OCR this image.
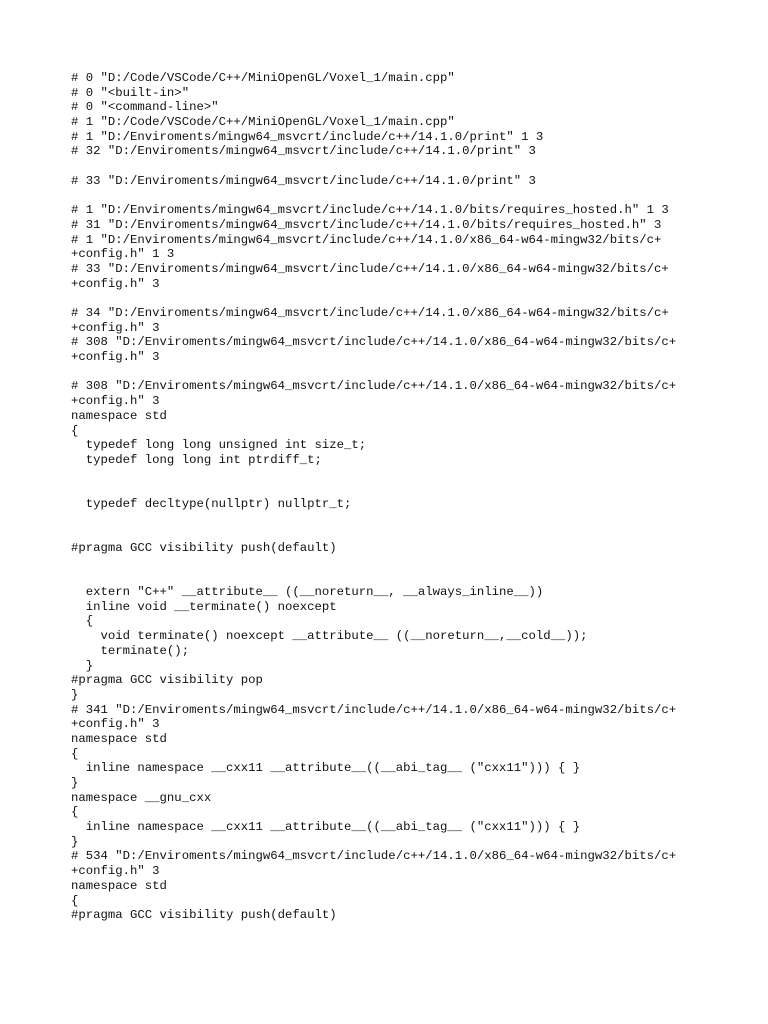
# 0 "D:/Code/VSCode/C++/MiniOpenGL/Voxel_1/main.cpp"
# 0 "<built-in>"
# 0 "<command-line>"
# 1 "D:/Code/VSCode/C++/MiniOpenGL/Voxel_1/main.cpp"
# 1 "D:/Enviroments/mingw64_msvcrt/include/c++/14.1.0/print" 1 3
# 32 "D:/Enviroments/mingw64_msvcrt/include/c++/14.1.0/print" 3
# 33 "D:/Enviroments/mingw64_msvcrt/include/c++/14.1.0/print" 3
# 1 "D:/Enviroments/mingw64_msvcrt/include/c++/14.1.0/bits/requires_hosted.h" 1 3
# 31 "D:/Enviroments/mingw64_msvcrt/include/c++/14.1.0/bits/requires_hosted.h" 3
# 1 "D:/Enviroments/mingw64_msvcrt/include/c++/14.1.0/x86_64-w64-mingw32/bits/c+
+config.h" 1 3
# 33 "D:/Enviroments/mingw64_msvcrt/include/c++/14.1.0/x86_64-w64-mingw32/bits/c+
+config.h" 3
# 34 "D:/Enviroments/mingw64_msvcrt/include/c++/14.1.0/x86_64-w64-mingw32/bits/c+
+config.h" 3
# 308 "D:/Enviroments/mingw64_msvcrt/include/c++/14.1.0/x86_64-w64-mingw32/bits/c+
+config.h" 3
# 308 "D:/Enviroments/mingw64_msvcrt/include/c++/14.1.0/x86_64-w64-mingw32/bits/c+
+config.h" 3
namespace std
{
typedef long long unsigned int size_t;
typedef long long int ptrdiff_t;
typedef decltype(nullptr) nullptr_t;
#pragma GCC visibility push(default)
extern "C++" __attribute__ ((__noreturn__, __always_inline__))
inline void __terminate() noexcept
{
void terminate() noexcept __attribute__ ((__noreturn__,__cold__));
terminate();
}
#pragma GCC visibility pop
}
# 341 "D:/Enviroments/mingw64_msvcrt/include/c++/14.1.0/x86_64-w64-mingw32/bits/c+
+config.h" 3
namespace std
{
inline namespace __cxx11 __attribute__((__abi_tag__ ("cxx11"))) { }
}
namespace __gnu_cxx
{
inline namespace __cxx11 __attribute__((__abi_tag__ ("cxx11"))) { }
}
# 534 "D:/Enviroments/mingw64_msvcrt/include/c++/14.1.0/x86_64-w64-mingw32/bits/c+
+config.h" 3
namespace std
{
#pragma GCC visibility push(default)
